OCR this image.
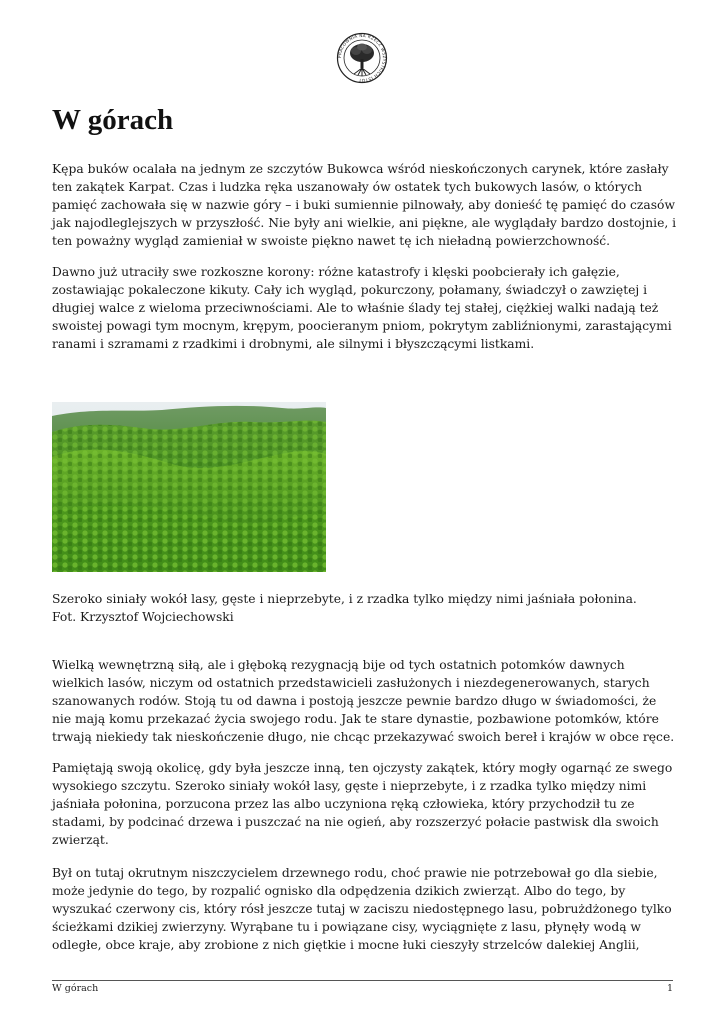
PRACOWNIA NA RZECZ WSZYSTKICH ISTOT
W górach

Kępa buków ocalała na jednym ze szczytów Bukowca wśród nieskończonych carynek, które zasłały ten zakątek Karpat. Czas i ludzka ręka uszanowały ów ostatek tych bukowych lasów, o których pamięć zachowała się w nazwie góry – i buki sumiennie pilnowały, aby donieść tę pamięć do czasów jak najodleglejszych w przyszłość. Nie były ani wielkie, ani piękne, ale wyglądały bardzo dostojnie, i ten poważny wygląd zamieniał w swoiste piękno nawet tę ich nieładną powierzchowność.

Dawno już utraciły swe rozkoszne korony: różne katastrofy i klęski poobcierały ich gałęzie, zostawiając pokaleczone kikuty. Cały ich wygląd, pokurczony, połamany, świadczył o zawziętej i długiej walce z wieloma przeciwnościami. Ale to właśnie ślady tej stałej, ciężkiej walki nadają też swoistej powagi tym mocnym, krępym, poocieranym pniom, pokrytym zabliźnionymi, zarastającymi ranami i szramami z rzadkimi i drobnymi, ale silnymi i błyszczącymi listkami.

Szeroko siniały wokół lasy, gęste i nieprzebyte, i z rzadka tylko między nimi jaśniała połonina.

Fot. Krzysztof Wojciechowski

Wielką wewnętrzną siłą, ale i głęboką rezygnacją bije od tych ostatnich potomków dawnych wielkich lasów, niczym od ostatnich przedstawicieli zasłużonych i niezdegenerowanych, starych szanowanych rodów. Stoją tu od dawna i postoją jeszcze pewnie bardzo długo w świadomości, że nie mają komu przekazać życia swojego rodu. Jak te stare dynastie, pozbawione potomków, które trwają niekiedy tak nieskończenie długo, nie chcąc przekazywać swoich bereł i krajów w obce ręce.

Pamiętają swoją okolicę, gdy była jeszcze inną, ten ojczysty zakątek, który mogły ogarnąć ze swego wysokiego szczytu. Szeroko siniały wokół lasy, gęste i nieprzebyte, i z rzadka tylko między nimi jaśniała połonina, porzucona przez las albo uczyniona ręką człowieka, który przychodził tu ze stadami, by podcinać drzewa i puszczać na nie ogień, aby rozszerzyć połacie pastwisk dla swoich zwierząt.

Był on tutaj okrutnym niszczycielem drzewnego rodu, choć prawie nie potrzebował go dla siebie, może jedynie do tego, by rozpalić ognisko dla odpędzenia dzikich zwierząt. Albo do tego, by wyszukać czerwony cis, który rósł jeszcze tutaj w zaciszu niedostępnego lasu, pobrużdżonego tylko ścieżkami dzikiej zwierzyny. Wyrąbane tu i powiązane cisy, wyciągnięte z lasu, płynęły wodą w odległe, obce kraje, aby zrobione z nich giętkie i mocne łuki cieszyły strzelców dalekiej Anglii,

W górach	1
